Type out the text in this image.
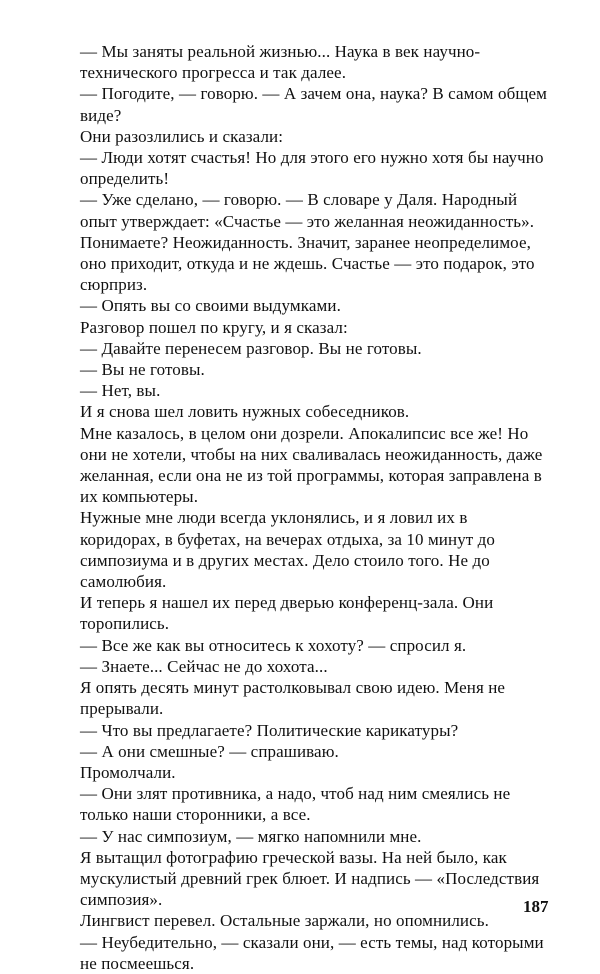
— Мы заняты реальной жизнью... Наука в век научно-технического прогресса и так далее.

— Погодите, — говорю. — А зачем она, наука? В самом общем виде?

Они разозлились и сказали:

— Люди хотят счастья! Но для этого его нужно хотя бы научно определить!

— Уже сделано, — говорю. — В словаре у Даля. Народный опыт утверждает: «Счастье — это желанная неожиданность». Понимаете? Неожиданность. Значит, заранее неопределимое, оно приходит, откуда и не ждешь. Счастье — это подарок, это сюрприз.

— Опять вы со своими выдумками.

Разговор пошел по кругу, и я сказал:

— Давайте перенесем разговор. Вы не готовы.

— Вы не готовы.

— Нет, вы.

И я снова шел ловить нужных собеседников.

Мне казалось, в целом они дозрели. Апокалипсис все же! Но они не хотели, чтобы на них сваливалась неожиданность, даже желанная, если она не из той программы, которая заправлена в их компьютеры.

Нужные мне люди всегда уклонялись, и я ловил их в коридорах, в буфетах, на вечерах отдыха, за 10 минут до симпозиума и в других местах. Дело стоило того. Не до самолюбия.

И теперь я нашел их перед дверью конференц-зала. Они торопились.

— Все же как вы относитесь к хохоту? — спросил я.

— Знаете... Сейчас не до хохота...

Я опять десять минут растолковывал свою идею. Меня не прерывали.

— Что вы предлагаете? Политические карикатуры?

— А они смешные? — спрашиваю.

Промолчали.

— Они злят противника, а надо, чтоб над ним смеялись не только наши сторонники, а все.

— У нас симпозиум, — мягко напомнили мне.

Я вытащил фотографию греческой вазы. На ней было, как мускулистый древний грек блюет. И надпись — «Последствия симпозия».

Лингвист перевел. Остальные заржали, но опомнились.

— Неубедительно, — сказали они, — есть темы, над которыми не посмеешься.

187
